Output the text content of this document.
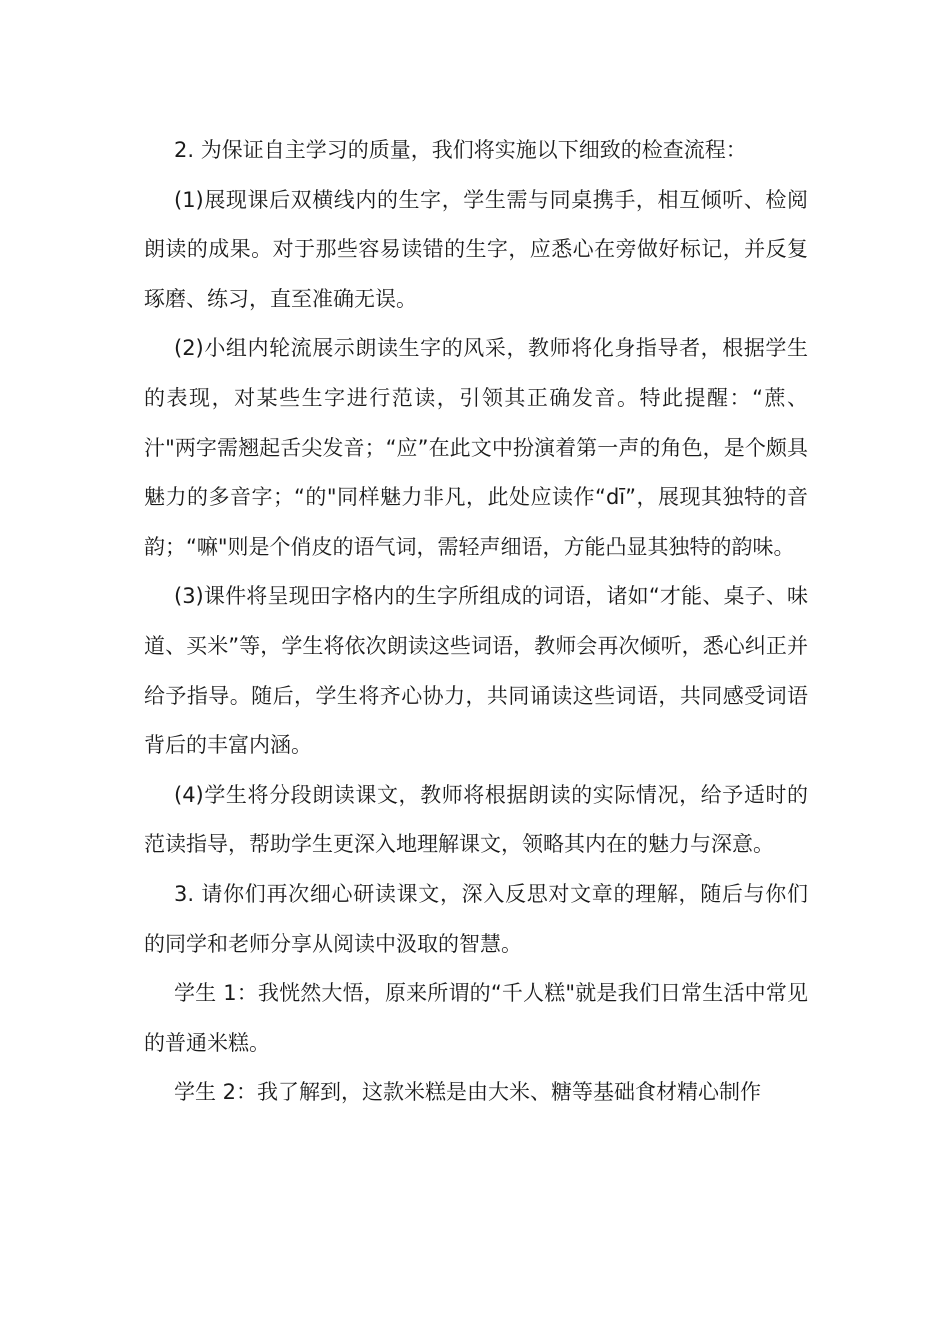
2. 为保证自主学习的质量，我们将实施以下细致的检查流程：

(1)展现课后双横线内的生字，学生需与同桌携手，相互倾听、检阅朗读的成果。对于那些容易读错的生字，应悉心在旁做好标记，并反复琢磨、练习，直至准确无误。

(2)小组内轮流展示朗读生字的风采，教师将化身指导者，根据学生的表现，对某些生字进行范读，引领其正确发音。特此提醒：“蔗、汁"两字需翘起舌尖发音；“应”在此文中扮演着第一声的角色，是个颇具魅力的多音字；“的"同样魅力非凡，此处应读作“dī”，展现其独特的音韵；“嘛"则是个俏皮的语气词，需轻声细语，方能凸显其独特的韵味。

(3)课件将呈现田字格内的生字所组成的词语，诸如“才能、桌子、味道、买米”等，学生将依次朗读这些词语，教师会再次倾听，悉心纠正并给予指导。随后，学生将齐心协力，共同诵读这些词语，共同感受词语背后的丰富内涵。

(4)学生将分段朗读课文，教师将根据朗读的实际情况，给予适时的范读指导，帮助学生更深入地理解课文，领略其内在的魅力与深意。

3. 请你们再次细心研读课文，深入反思对文章的理解，随后与你们的同学和老师分享从阅读中汲取的智慧。

学生 1：我恍然大悟，原来所谓的“千人糕"就是我们日常生活中常见的普通米糕。

学生 2：我了解到，这款米糕是由大米、糖等基础食材精心制作
